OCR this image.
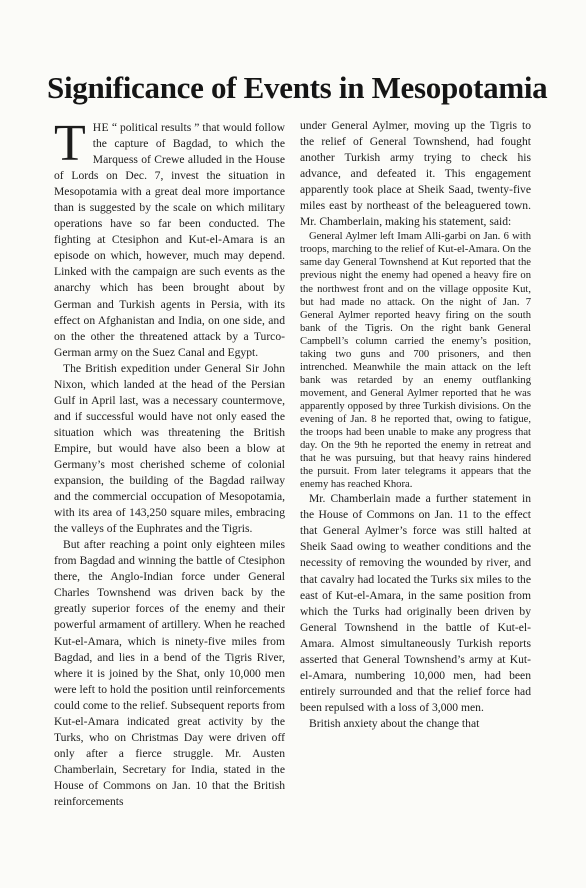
Significance of Events in Mesopotamia

THE “ political results ” that would follow the capture of Bagdad, to which the Marquess of Crewe alluded in the House of Lords on Dec. 7, invest the situation in Mesopotamia with a great deal more importance than is suggested by the scale on which military operations have so far been conducted. The fighting at Ctesiphon and Kut-el-Amara is an episode on which, however, much may depend. Linked with the campaign are such events as the anarchy which has been brought about by German and Turkish agents in Persia, with its effect on Afghanistan and India, on one side, and on the other the threatened attack by a Turco-German army on the Suez Canal and Egypt.

The British expedition under General Sir John Nixon, which landed at the head of the Persian Gulf in April last, was a necessary countermove, and if successful would have not only eased the situation which was threatening the British Empire, but would have also been a blow at Germany’s most cherished scheme of colonial expansion, the building of the Bagdad railway and the commercial occupation of Mesopotamia, with its area of 143,250 square miles, embracing the valleys of the Euphrates and the Tigris.

But after reaching a point only eighteen miles from Bagdad and winning the battle of Ctesiphon there, the Anglo-Indian force under General Charles Townshend was driven back by the greatly superior forces of the enemy and their powerful armament of artillery. When he reached Kut-el-Amara, which is ninety-five miles from Bagdad, and lies in a bend of the Tigris River, where it is joined by the Shat, only 10,000 men were left to hold the position until reinforcements could come to the relief. Subsequent reports from Kut-el-Amara indicated great activity by the Turks, who on Christmas Day were driven off only after a fierce struggle. Mr. Austen Chamberlain, Secretary for India, stated in the House of Commons on Jan. 10 that the British reinforcements

under General Aylmer, moving up the Tigris to the relief of General Townshend, had fought another Turkish army trying to check his advance, and defeated it. This engagement apparently took place at Sheik Saad, twenty-five miles east by northeast of the beleaguered town. Mr. Chamberlain, making his statement, said:

General Aylmer left Imam Alli-garbi on Jan. 6 with troops, marching to the relief of Kut-el-Amara. On the same day General Townshend at Kut reported that the previous night the enemy had opened a heavy fire on the northwest front and on the village opposite Kut, but had made no attack. On the night of Jan. 7 General Aylmer reported heavy firing on the south bank of the Tigris. On the right bank General Campbell’s column carried the enemy’s position, taking two guns and 700 prisoners, and then intrenched. Meanwhile the main attack on the left bank was retarded by an enemy outflanking movement, and General Aylmer reported that he was apparently opposed by three Turkish divisions. On the evening of Jan. 8 he reported that, owing to fatigue, the troops had been unable to make any progress that day. On the 9th he reported the enemy in retreat and that he was pursuing, but that heavy rains hindered the pursuit. From later telegrams it appears that the enemy has reached Khora.

Mr. Chamberlain made a further statement in the House of Commons on Jan. 11 to the effect that General Aylmer’s force was still halted at Sheik Saad owing to weather conditions and the necessity of removing the wounded by river, and that cavalry had located the Turks six miles to the east of Kut-el-Amara, in the same position from which the Turks had originally been driven by General Townshend in the battle of Kut-el-Amara. Almost simultaneously Turkish reports asserted that General Townshend’s army at Kut-el-Amara, numbering 10,000 men, had been entirely surrounded and that the relief force had been repulsed with a loss of 3,000 men.

British anxiety about the change that
